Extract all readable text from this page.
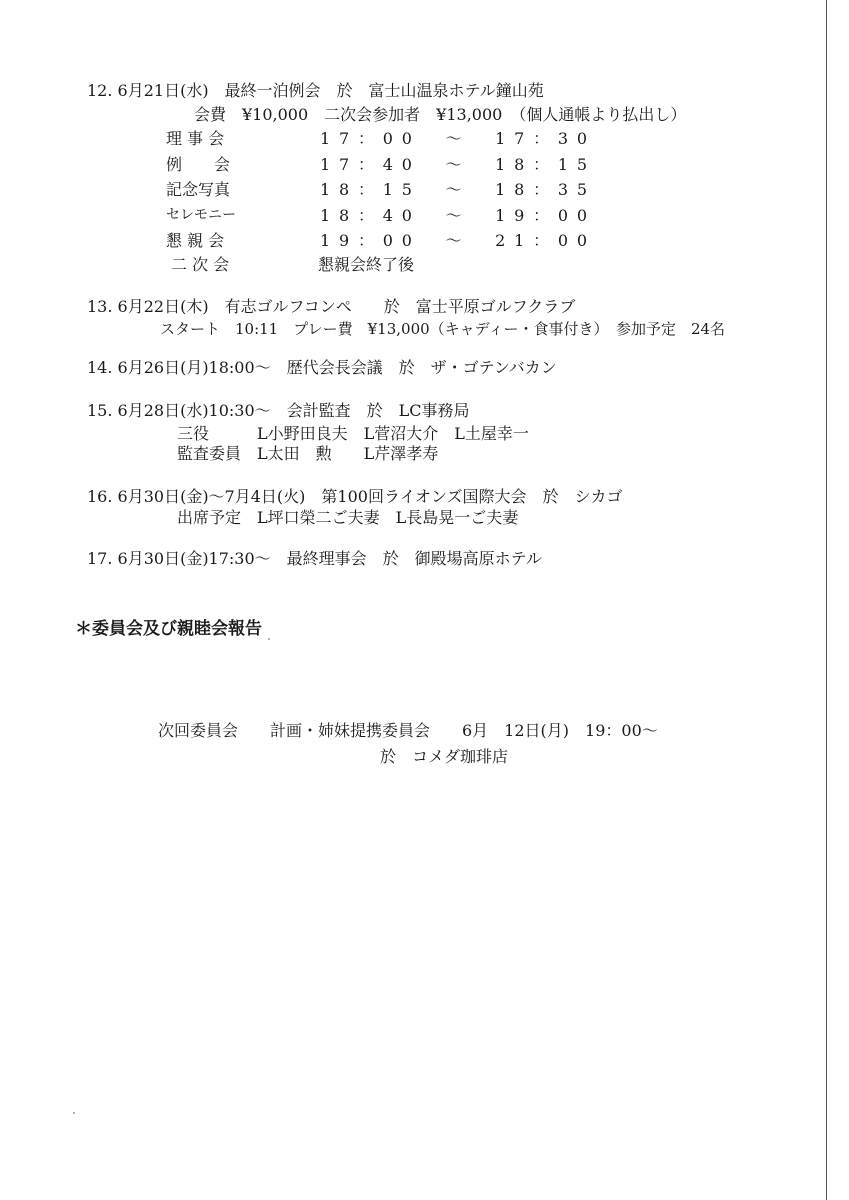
12. 6月21日(水)　最終一泊例会　於　富士山温泉ホテル鐘山苑
会費　¥10,000　二次会参加者　¥13,000　（個人通帳より払出し）
理 事 会	17：00　～　17：30
例　　会	17：40　～　18：15
記念写真	18：15　～　18：35
セレモニー	18：40　～　19：00
懇 親 会	19：00　～　21：00
二 次 会	懇親会終了後
13. 6月22日(木)　有志ゴルフコンペ　　於　富士平原ゴルフクラブ
スタート　10:11　プレー費　¥13,000（キャディー・食事付き）　参加予定　24名
14. 6月26日(月)18:00～　歴代会長会議　於　ザ・ゴテンバカン
15. 6月28日(水)10:30～　会計監査　於　LC事務局
三役　　　L小野田良夫　L菅沼大介　L土屋幸一
監査委員　L太田　勲　　L芹澤孝寿
16. 6月30日(金)～7月4日(火)　第100回ライオンズ国際大会　於　シカゴ
出席予定　L坪口榮二ご夫妻　L長島晃一ご夫妻
17. 6月30日(金)17:30～　最終理事会　於　御殿場高原ホテル
＊委員会及び親睦会報告
次回委員会　　計画・姉妹提携委員会　　6月　12日(月)　19：00～
於　コメダ珈琲店
